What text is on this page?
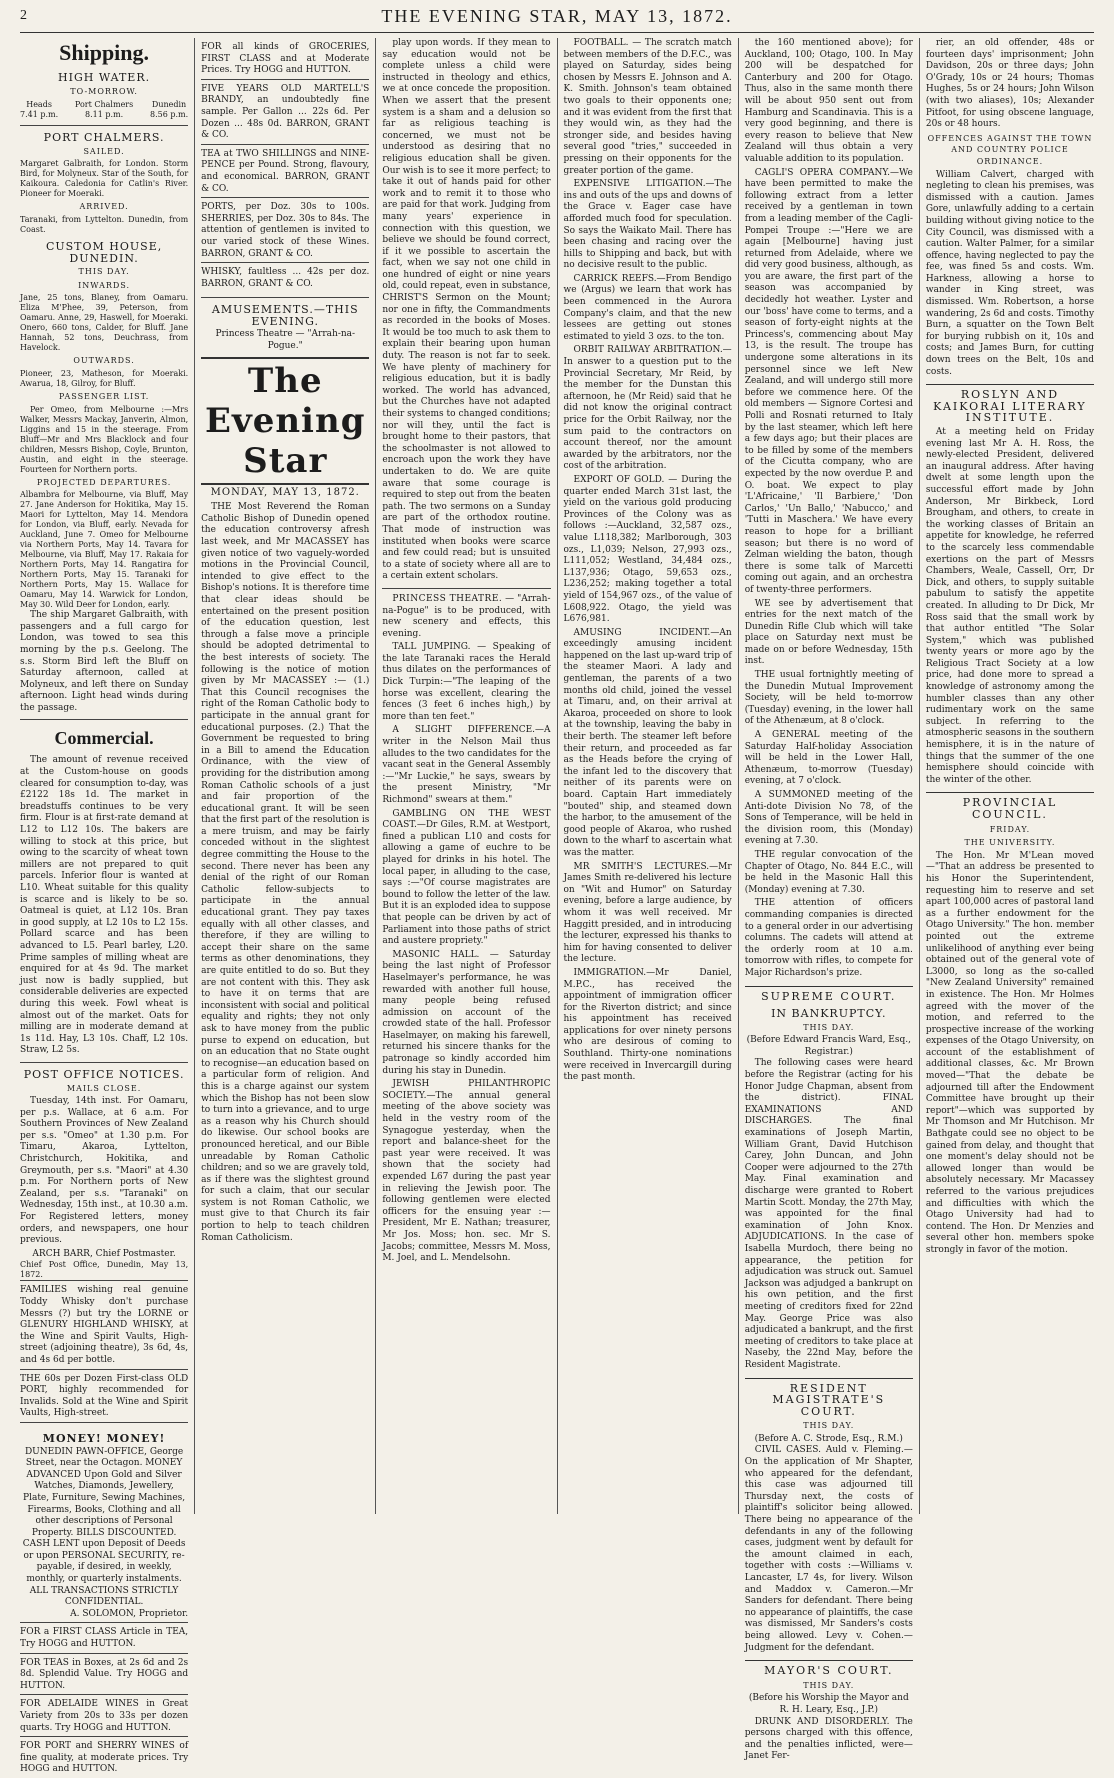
2	THE EVENING STAR, MAY 13, 1872.
Shipping.
HIGH WATER.
TO-MORROW.
Heads
7.41 p.m.
Port Chalmers
8.11 p.m.
Dunedin
8.56 p.m.
PORT CHALMERS.
SAILED.
Margaret Galbraith, for London. Storm Bird, for Molyneux. Star of the South, for Kaikoura. Caledonia for Catlin's River. Pioneer for Moeraki.
ARRIVED.
Taranaki, from Lyttelton. Dunedin, from Coast.
CUSTOM HOUSE, DUNEDIN.
THIS DAY.
INWARDS.
Jane, 25 tons, Blaney, from Oamaru. Eliza M'Phee, 39, Peterson, from Oamaru. Anne, 29, Haswell, for Moeraki. Onero, 660 tons, Calder, for Bluff. Jane Hannah, 52 tons, Deuchrass, from Havelock.
OUTWARDS.
Pioneer, 23, Matheson, for Moeraki. Awarua, 18, Gilroy, for Bluff.
PASSENGER LIST.
Per Omeo, from Melbourne :—Mrs Walker, Messrs Mackay, Janverin, Almon, Liggins and 15 in the steerage. From Bluff—Mr and Mrs Blacklock and four children, Messrs Bishop, Coyle, Brunton, Austin, and eight in the steerage. Fourteen for Northern ports.
PROJECTED DEPARTURES.
Albambra for Melbourne, via Bluff, May 27. Jane Anderson for Hokitika, May 15. Maori for Lyttelton, May 14. Mendora for London, via Bluff, early. Nevada for Auckland, June 7. Omeo for Melbourne via Northern Ports, May 14. Tavara for Melbourne, via Bluff, May 17. Rakaia for Northern Ports, May 14. Rangatira for Northern Ports, May 15. Taranaki for Northern Ports, May 15. Wallace for Oamaru, May 14. Warwick for London, May 30. Wild Deer for London, early.
The ship Margaret Galbraith, with passengers and a full cargo for London, was towed to sea this morning by the p.s. Geelong. The s.s. Storm Bird left the Bluff on Saturday afternoon, called at Molyneux, and left there on Sunday afternoon. Light head winds during the passage.
Commercial.
The amount of revenue received at the Custom-house on goods cleared for consumption to-day, was £2122 18s 1d. The market in breadstuffs continues to be very firm. Flour is at first-rate demand at L12 to L12 10s. The bakers are willing to stock at this price, but owing to the scarcity of wheat town millers are not prepared to quit parcels. Inferior flour is wanted at L10. Wheat suitable for this quality is scarce and is likely to be so. Oatmeal is quiet, at L12 10s. Bran in good supply, at L2 10s to L2 15s. Pollard scarce and has been advanced to L5. Pearl barley, L20. Prime samples of milling wheat are enquired for at 4s 9d. The market just now is badly supplied, but considerable deliveries are expected during this week. Fowl wheat is almost out of the market. Oats for milling are in moderate demand at 1s 11d. Hay, L3 10s. Chaff, L2 10s. Straw, L2 5s.
POST OFFICE NOTICES.
MAILS CLOSE.
Tuesday, 14th inst. For Oamaru, per p.s. Wallace, at 6 a.m. For Southern Provinces of New Zealand per s.s. "Omeo" at 1.30 p.m. For Timaru, Akaroa, Lyttelton, Christchurch, Hokitika, and Greymouth, per s.s. "Maori" at 4.30 p.m. For Northern ports of New Zealand, per s.s. "Taranaki" on Wednesday, 15th inst., at 10.30 a.m. For Registered letters, money orders, and newspapers, one hour previous.
ARCH BARR, Chief Postmaster.
Chief Post Office, Dunedin, May 13, 1872.
FAMILIES wishing real genuine Toddy Whisky don't purchase Messrs (?) but try the LORNE or GLENURY HIGHLAND WHISKY, at the Wine and Spirit Vaults, High-street (adjoining theatre), 3s 6d, 4s, and 4s 6d per bottle.
THE 60s per Dozen First-class OLD PORT, highly recommended for Invalids. Sold at the Wine and Spirit Vaults, High-street.
MONEY! MONEY!
DUNEDIN PAWN-OFFICE, George Street, near the Octagon. MONEY ADVANCED Upon Gold and Silver Watches, Diamonds, Jewellery, Plate, Furniture, Sewing Machines, Firearms, Books, Clothing and all other descriptions of Personal Property. BILLS DISCOUNTED. CASH LENT upon Deposit of Deeds or upon PERSONAL SECURITY, re-payable, if desired, in weekly, monthly, or quarterly instalments. ALL TRANSACTIONS STRICTLY CONFIDENTIAL.
A. SOLOMON, Proprietor.
FOR a FIRST CLASS Article in TEA, Try HOGG and HUTTON.
FOR TEAS in Boxes, at 2s 6d and 2s 8d. Splendid Value. Try HOGG and HUTTON.
FOR ADELAIDE WINES in Great Variety from 20s to 33s per dozen quarts. Try HOGG and HUTTON.
FOR PORT and SHERRY WINES of fine quality, at moderate prices. Try HOGG and HUTTON.
FOR all kinds of GROCERIES, FIRST CLASS and at Moderate Prices. Try HOGG and HUTTON.
FIVE YEARS OLD MARTELL'S BRANDY, an undoubtedly fine sample. Per Gallon ... 22s 6d. Per Dozen ... 48s 0d. BARRON, GRANT & CO.
TEA at TWO SHILLINGS and NINE-PENCE per Pound. Strong, flavoury, and economical. BARRON, GRANT & CO.
PORTS, per Doz. 30s to 100s. SHERRIES, per Doz. 30s to 84s. The attention of gentlemen is invited to our varied stock of these Wines. BARRON, GRANT & CO.
WHISKY, faultless ... 42s per doz. BARRON, GRANT & CO.
AMUSEMENTS.—THIS EVENING.
Princess Theatre — "Arrah-na-Pogue."
The Evening Star
MONDAY, MAY 13, 1872.
THE Most Reverend the Roman Catholic Bishop of Dunedin opened the education controversy afresh last week, and Mr MACASSEY has given notice of two vaguely-worded motions in the Provincial Council, intended to give effect to the Bishop's notions. It is therefore time that clear ideas should be entertained on the present position of the education question, lest through a false move a principle should be adopted detrimental to the best interests of society. The following is the notice of motion given by Mr MACASSEY :— (1.) That this Council recognises the right of the Roman Catholic body to participate in the annual grant for educational purposes. (2.) That the Government be requested to bring in a Bill to amend the Education Ordinance, with the view of providing for the distribution among Roman Catholic schools of a just and fair proportion of the educational grant. It will be seen that the first part of the resolution is a mere truism, and may be fairly conceded without in the slightest degree committing the House to the second. There never has been any denial of the right of our Roman Catholic fellow-subjects to participate in the annual educational grant. They pay taxes equally with all other classes, and therefore, if they are willing to accept their share on the same terms as other denominations, they are quite entitled to do so. But they are not content with this. They ask to have it on terms that are inconsistent with social and political equality and rights; they not only ask to have money from the public purse to expend on education, but on an education that no State ought to recognise—an education based on a particular form of religion. And this is a charge against our system which the Bishop has not been slow to turn into a grievance, and to urge as a reason why his Church should do likewise. Our school books are pronounced heretical, and our Bible unreadable by Roman Catholic children; and so we are gravely told, as if there was the slightest ground for such a claim, that our secular system is not Roman Catholic, we must give to that Church its fair portion to help to teach children Roman Catholicism.
play upon words. If they mean to say education would not be complete unless a child were instructed in theology and ethics, we at once concede the proposition. When we assert that the present system is a sham and a delusion so far as religious teaching is concerned, we must not be understood as desiring that no religious education shall be given. Our wish is to see it more perfect; to take it out of hands paid for other work and to remit it to those who are paid for that work. Judging from many years' experience in connection with this question, we believe we should be found correct, if it we possible to ascertain the fact, when we say not one child in one hundred of eight or nine years old, could repeat, even in substance, CHRIST'S Sermon on the Mount; nor one in fifty, the Commandments as recorded in the books of Moses. It would be too much to ask them to explain their bearing upon human duty. The reason is not far to seek. We have plenty of machinery for religious education, but it is badly worked. The world has advanced, but the Churches have not adapted their systems to changed conditions; nor will they, until the fact is brought home to their pastors, that the schoolmaster is not allowed to encroach upon the work they have undertaken to do. We are quite aware that some courage is required to step out from the beaten path. The two sermons on a Sunday are part of the orthodox routine. That mode of instruction was instituted when books were scarce and few could read; but is unsuited to a state of society where all are to a certain extent scholars.
PRINCESS THEATRE. — "Arrah-na-Pogue" is to be produced, with new scenery and effects, this evening.
TALL JUMPING. — Speaking of the late Taranaki races the Herald thus dilates on the performances of Dick Turpin:—"The leaping of the horse was excellent, clearing the fences (3 feet 6 inches high,) by more than ten feet."
A SLIGHT DIFFERENCE.—A writer in the Nelson Mail thus alludes to the two candidates for the vacant seat in the General Assembly :—"Mr Luckie," he says, swears by the present Ministry, "Mr Richmond" swears at them."
GAMBLING ON THE WEST COAST.—Dr Giles, R.M. at Westport, fined a publican L10 and costs for allowing a game of euchre to be played for drinks in his hotel. The local paper, in alluding to the case, says :—"Of course magistrates are bound to follow the letter of the law. But it is an exploded idea to suppose that people can be driven by act of Parliament into those paths of strict and austere propriety."
MASONIC HALL. — Saturday being the last night of Professor Haselmayer's performance, he was rewarded with another full house, many people being refused admission on account of the crowded state of the hall. Professor Haselmayer, on making his farewell, returned his sincere thanks for the patronage so kindly accorded him during his stay in Dunedin.
JEWISH PHILANTHROPIC SOCIETY.—The annual general meeting of the above society was held in the vestry room of the Synagogue yesterday, when the report and balance-sheet for the past year were received. It was shown that the society had expended L67 during the past year in relieving the Jewish poor. The following gentlemen were elected officers for the ensuing year :— President, Mr E. Nathan; treasurer, Mr Jos. Moss; hon. sec. Mr S. Jacobs; committee, Messrs M. Moss, M. Joel, and L. Mendelsohn.
FOOTBALL. — The scratch match between members of the D.F.C., was played on Saturday, sides being chosen by Messrs E. Johnson and A. K. Smith. Johnson's team obtained two goals to their opponents one; and it was evident from the first that they would win, as they had the stronger side, and besides having several good "tries," succeeded in pressing on their opponents for the greater portion of the game.
EXPENSIVE LITIGATION.—The ins and outs of the ups and downs of the Grace v. Eager case have afforded much food for speculation. So says the Waikato Mail. There has been chasing and racing over the hills to Shipping and back, but with no decisive result to the public.
CARRICK REEFS.—From Bendigo we (Argus) we learn that work has been commenced in the Aurora Company's claim, and that the new lessees are getting out stones estimated to yield 3 ozs. to the ton.
ORBIT RAILWAY ARBITRATION.—In answer to a question put to the Provincial Secretary, Mr Reid, by the member for the Dunstan this afternoon, he (Mr Reid) said that he did not know the original contract price for the Orbit Railway, nor the sum paid to the contractors on account thereof, nor the amount awarded by the arbitrators, nor the cost of the arbitration.
EXPORT OF GOLD. — During the quarter ended March 31st last, the yield on the various gold producing Provinces of the Colony was as follows :—Auckland, 32,587 ozs., value L118,382; Marlborough, 303 ozs., L1,039; Nelson, 27,993 ozs., L111,052; Westland, 34,484 ozs., L137,936; Otago, 59,653 ozs., L236,252; making together a total yield of 154,967 ozs., of the value of L608,922. Otago, the yield was L676,981.
AMUSING INCIDENT.—An exceedingly amusing incident happened on the last up-ward trip of the steamer Maori. A lady and gentleman, the parents of a two months old child, joined the vessel at Timaru, and, on their arrival at Akaroa, proceeded on shore to look at the township, leaving the baby in their berth. The steamer left before their return, and proceeded as far as the Heads before the crying of the infant led to the discovery that neither of its parents were on board. Captain Hart immediately "bouted" ship, and steamed down the harbor, to the amusement of the good people of Akaroa, who rushed down to the wharf to ascertain what was the matter.
MR SMITH'S LECTURES.—Mr James Smith re-delivered his lecture on "Wit and Humor" on Saturday evening, before a large audience, by whom it was well received. Mr Haggitt presided, and in introducing the lecturer, expressed his thanks to him for having consented to deliver the lecture.
IMMIGRATION.—Mr Daniel, M.P.C., has received the appointment of immigration officer for the Riverton district; and since his appointment has received applications for over ninety persons who are desirous of coming to Southland. Thirty-one nominations were received in Invercargill during the past month.
the 160 mentioned above); for Auckland, 100; Otago, 100. In May 200 will be despatched for Canterbury and 200 for Otago. Thus, also in the same month there will be about 950 sent out from Hamburg and Scandinavia. This is a very good beginning, and there is every reason to believe that New Zealand will thus obtain a very valuable addition to its population.
CAGLI'S OPERA COMPANY.—We have been permitted to make the following extract from a letter received by a gentleman in town from a leading member of the Cagli-Pompei Troupe :—"Here we are again [Melbourne] having just returned from Adelaide, where we did very good business, although, as you are aware, the first part of the season was accompanied by decidedly hot weather. Lyster and our 'boss' have come to terms, and a season of forty-eight nights at the Princess's, commencing about May 13, is the result. The troupe has undergone some alterations in its personnel since we left New Zealand, and will undergo still more before we commence here. Of the old members — Signore Cortesi and Polli and Rosnati returned to Italy by the last steamer, which left here a few days ago; but their places are to be filled by some of the members of the Cicutta company, who are expected by the now overdue P. and O. boat. We expect to play 'L'Africaine,' 'Il Barbiere,' 'Don Carlos,' 'Un Ballo,' 'Nabucco,' and 'Tutti in Maschera.' We have every reason to hope for a brilliant season; but there is no word of Zelman wielding the baton, though there is some talk of Marcetti coming out again, and an orchestra of twenty-three performers.
WE see by advertisement that entries for the next match of the Dunedin Rifle Club which will take place on Saturday next must be made on or before Wednesday, 15th inst.
THE usual fortnightly meeting of the Dunedin Mutual Improvement Society, will be held to-morrow (Tuesday) evening, in the lower hall of the Athenæum, at 8 o'clock.
A GENERAL meeting of the Saturday Half-holiday Association will be held in the Lower Hall, Athenæum, to-morrow (Tuesday) evening, at 7 o'clock.
A SUMMONED meeting of the Anti-dote Division No 78, of the Sons of Temperance, will be held in the division room, this (Monday) evening at 7.30.
THE regular convocation of the Chapter of Otago, No. 844 E.C., will be held in the Masonic Hall this (Monday) evening at 7.30.
THE attention of officers commanding companies is directed to a general order in our advertising columns. The cadets will attend at the orderly room at 10 a.m. tomorrow with rifles, to compete for Major Richardson's prize.
SUPREME COURT.
IN BANKRUPTCY.
THIS DAY.
(Before Edward Francis Ward, Esq., Registrar.)
The following cases were heard before the Registrar (acting for his Honor Judge Chapman, absent from the district). FINAL EXAMINATIONS AND DISCHARGES. The final examinations of Joseph Martin, William Grant, David Hutchison Carey, John Duncan, and John Cooper were adjourned to the 27th May. Final examination and discharge were granted to Robert Martin Scott. Monday, the 27th May, was appointed for the final examination of John Knox. ADJUDICATIONS. In the case of Isabella Murdoch, there being no appearance, the petition for adjudication was struck out. Samuel Jackson was adjudged a bankrupt on his own petition, and the first meeting of creditors fixed for 22nd May. George Price was also adjudicated a bankrupt, and the first meeting of creditors to take place at Naseby, the 22nd May, before the Resident Magistrate.
RESIDENT MAGISTRATE'S COURT.
THIS DAY.
(Before A. C. Strode, Esq., R.M.)
CIVIL CASES. Auld v. Fleming.—On the application of Mr Shapter, who appeared for the defendant, this case was adjourned till Thursday next, the costs of plaintiff's solicitor being allowed. There being no appearance of the defendants in any of the following cases, judgment went by default for the amount claimed in each, together with costs :—Williams v. Lancaster, L7 4s, for livery. Wilson and Maddox v. Cameron.—Mr Sanders for defendant. There being no appearance of plaintiffs, the case was dismissed, Mr Sanders's costs being allowed. Levy v. Cohen.—Judgment for the defendant.
MAYOR'S COURT.
THIS DAY.
(Before his Worship the Mayor and R. H. Leary, Esq., J.P.)
DRUNK AND DISORDERLY. The persons charged with this offence, and the penalties inflicted, were—Janet Fer-
rier, an old offender, 48s or fourteen days' imprisonment; John Davidson, 20s or three days; John O'Grady, 10s or 24 hours; Thomas Hughes, 5s or 24 hours; John Wilson (with two aliases), 10s; Alexander Pitfoot, for using obscene language, 20s or 48 hours.
OFFENCES AGAINST THE TOWN AND COUNTRY POLICE ORDINANCE.
William Calvert, charged with negleting to clean his premises, was dismissed with a caution. James Gore, unlawfully adding to a certain building without giving notice to the City Council, was dismissed with a caution. Walter Palmer, for a similar offence, having neglected to pay the fee, was fined 5s and costs. Wm. Harkness, allowing a horse to wander in King street, was dismissed. Wm. Robertson, a horse wandering, 2s 6d and costs. Timothy Burn, a squatter on the Town Belt for burying rubbish on it, 10s and costs; and James Burn, for cutting down trees on the Belt, 10s and costs.
ROSLYN AND KAIKORAI LITERARY INSTITUTE.
At a meeting held on Friday evening last Mr A. H. Ross, the newly-elected President, delivered an inaugural address. After having dwelt at some length upon the successful effort made by John Anderson, Mr Birkbeck, Lord Brougham, and others, to create in the working classes of Britain an appetite for knowledge, he referred to the scarcely less commendable exertions on the part of Messrs Chambers, Weale, Cassell, Orr, Dr Dick, and others, to supply suitable pabulum to satisfy the appetite created. In alluding to Dr Dick, Mr Ross said that the small work by that author entitled "The Solar System," which was published twenty years or more ago by the Religious Tract Society at a low price, had done more to spread a knowledge of astronomy among the humbler classes than any other rudimentary work on the same subject. In referring to the atmospheric seasons in the southern hemisphere, it is in the nature of things that the summer of the one hemisphere should coincide with the winter of the other.
PROVINCIAL COUNCIL.
FRIDAY.
THE UNIVERSITY.
The Hon. Mr M'Lean moved—"That an address be presented to his Honor the Superintendent, requesting him to reserve and set apart 100,000 acres of pastoral land as a further endowment for the Otago University." The hon. member pointed out the extreme unlikelihood of anything ever being obtained out of the general vote of L3000, so long as the so-called "New Zealand University" remained in existence. The Hon. Mr Holmes agreed with the mover of the motion, and referred to the prospective increase of the working expenses of the Otago University, on account of the establishment of additional classes, &c. Mr Brown moved—"That the debate be adjourned till after the Endowment Committee have brought up their report"—which was supported by Mr Thomson and Mr Hutchison. Mr Bathgate could see no object to be gained from delay, and thought that one moment's delay should not be allowed longer than would be absolutely necessary. Mr Macassey referred to the various prejudices and difficulties with which the Otago University had had to contend. The Hon. Dr Menzies and several other hon. members spoke strongly in favor of the motion.
